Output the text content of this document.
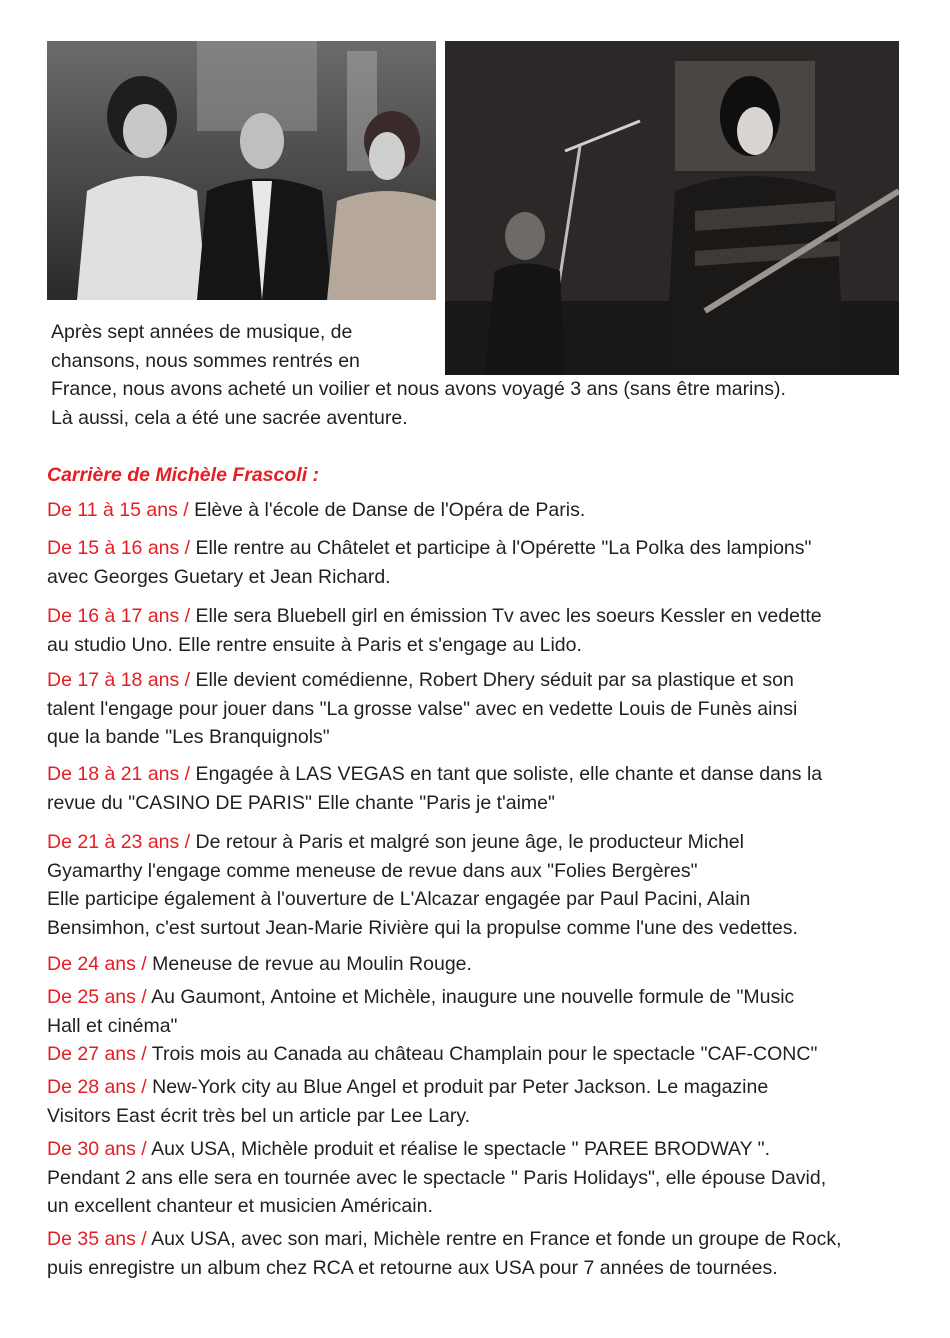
Après sept années de musique, de
chansons, nous sommes rentrés en
France, nous avons acheté un voilier et nous avons voyagé 3 ans (sans être marins).
Là aussi, cela a été une sacrée aventure.

Carrière de Michèle Frascoli :

De 11 à 15 ans / Elève à l'école de Danse de l'Opéra de Paris.

De 15 à 16 ans / Elle rentre au Châtelet et participe à l'Opérette "La Polka des lampions"
avec Georges Guetary et Jean Richard.

De 16 à 17 ans / Elle sera Bluebell girl en émission Tv avec les soeurs Kessler en vedette
au studio Uno. Elle rentre ensuite à Paris et s'engage au Lido.

De 17 à 18 ans / Elle devient comédienne, Robert Dhery séduit par sa plastique et son
talent l'engage pour jouer dans "La grosse valse" avec en vedette Louis de Funès ainsi
que la bande "Les Branquignols"

De 18 à 21 ans / Engagée à LAS VEGAS en tant que soliste, elle chante et danse dans la
revue du "CASINO DE PARIS" Elle chante "Paris je t'aime"

De 21 à 23 ans / De retour à Paris et malgré son jeune âge, le producteur Michel
Gyamarthy l'engage comme meneuse de revue dans aux "Folies Bergères"
Elle participe également à l'ouverture de L'Alcazar engagée par Paul Pacini, Alain
Bensimhon, c'est surtout Jean-Marie Rivière qui la propulse comme l'une des vedettes.

De 24 ans / Meneuse de revue au Moulin Rouge.

De 25 ans / Au Gaumont, Antoine et Michèle, inaugure une nouvelle formule de "Music
Hall et cinéma"

De 27 ans / Trois mois au Canada au château Champlain pour le spectacle "CAF-CONC"

De 28 ans / New-York city au Blue Angel et produit par Peter Jackson. Le magazine
Visitors East écrit très bel un article par Lee Lary.

De 30 ans / Aux USA, Michèle produit et réalise le spectacle " PAREE BRODWAY ".
Pendant 2 ans elle sera en tournée avec le spectacle " Paris Holidays", elle épouse David,
un excellent chanteur et musicien Américain.

De 35 ans / Aux USA, avec son mari, Michèle rentre en France et fonde un groupe de Rock,
puis enregistre un album chez RCA et retourne aux USA pour 7 années de tournées.
